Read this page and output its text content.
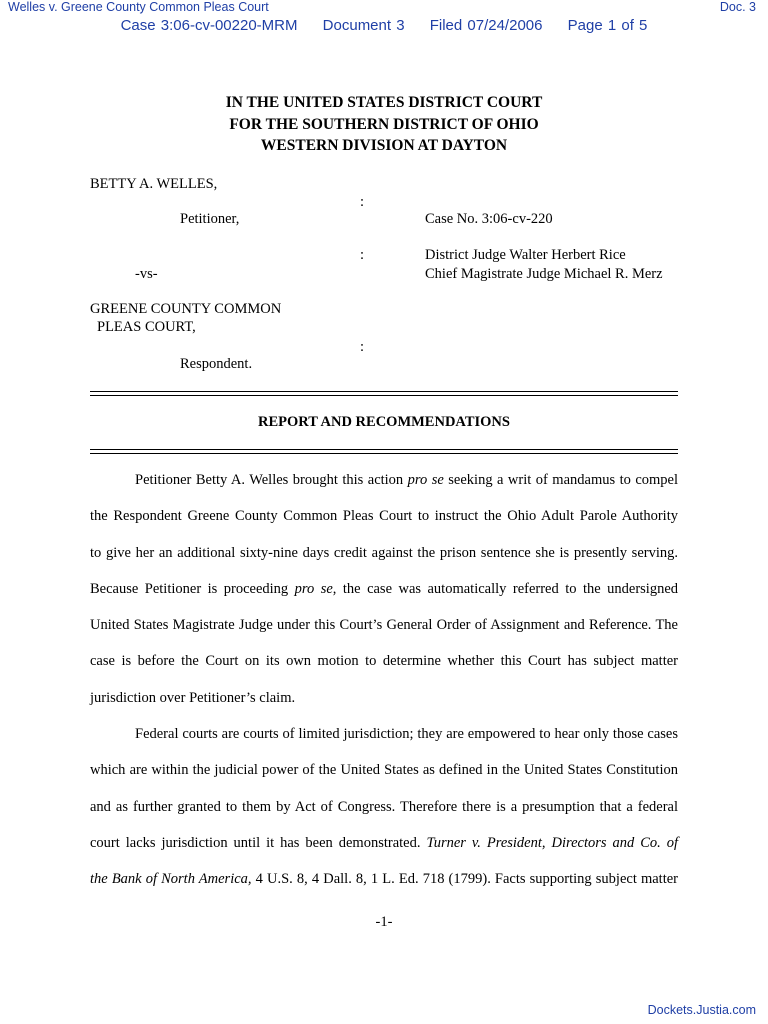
Welles v. Greene County Common Pleas Court	Doc. 3
Case 3:06-cv-00220-MRM Document 3 Filed 07/24/2006 Page 1 of 5
IN THE UNITED STATES DISTRICT COURT
FOR THE SOUTHERN DISTRICT OF OHIO
WESTERN DIVISION AT DAYTON
BETTY A. WELLES,
:
Petitioner,	Case No. 3:06-cv-220
:	District Judge Walter Herbert Rice
-vs-	Chief Magistrate Judge Michael R. Merz
GREENE COUNTY COMMON
PLEAS COURT,
:
Respondent.
REPORT AND RECOMMENDATIONS
Petitioner Betty A. Welles brought this action pro se seeking a writ of mandamus to compel
the Respondent Greene County Common Pleas Court to instruct the Ohio Adult Parole Authority
to give her an additional sixty-nine days credit against the prison sentence she is presently serving.
Because Petitioner is proceeding pro se, the case was automatically referred to the undersigned
United States Magistrate Judge under this Court’s General Order of Assignment and Reference. The
case is before the Court on its own motion to determine whether this Court has subject matter
jurisdiction over Petitioner’s claim.
Federal courts are courts of limited jurisdiction; they are empowered to hear only those cases
which are within the judicial power of the United States as defined in the United States Constitution
and as further granted to them by Act of Congress. Therefore there is a presumption that a federal
court lacks jurisdiction until it has been demonstrated. Turner v. President, Directors and Co. of
the Bank of North America, 4 U.S. 8, 4 Dall. 8, 1 L. Ed. 718 (1799). Facts supporting subject matter
-1-
Dockets.Justia.com
